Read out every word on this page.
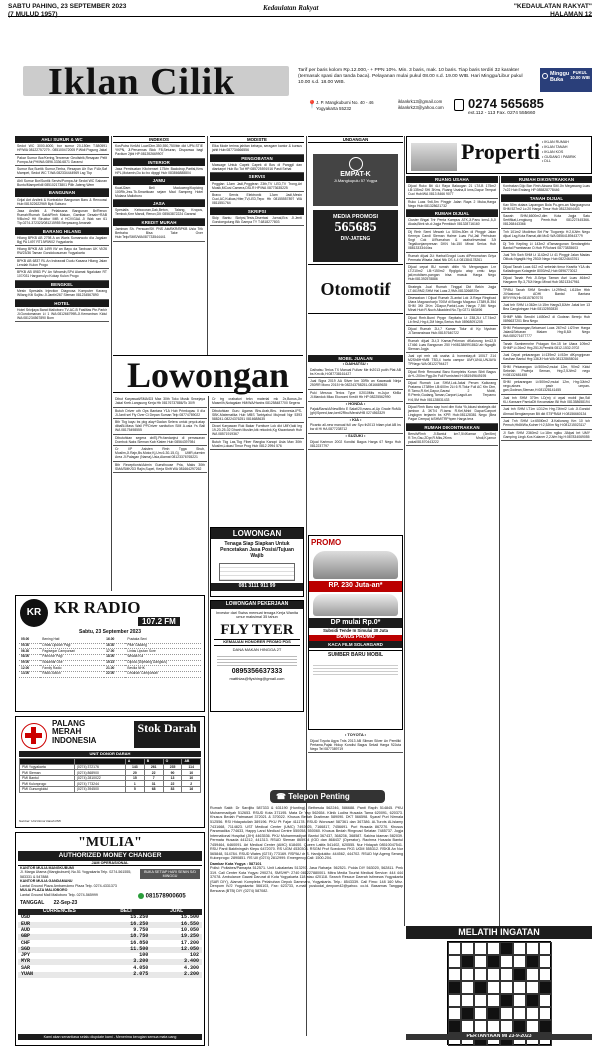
SABTU PAHING, 23 SEPTEMBER 2023
(7 MULUD 1957)
Kedaulatan Rakyat	"KEDAULATAN RAKYAT"
HALAMAN 12
Iklan Cilik	Tarif per baris kolom Rp.12.000,- + PPN 10%. Min. 3 baris, mak. 10 baris. Tiap baris terdiri 32 karakter (termasuk spasi dan tanda baca). Pelayanan mulai pukul 08.00 s.d. 19.00 WIB. Hari Minggu/Libur pukul 10.00 s.d. 18.00 WIB.
Minggu Buka
PUKUL 10.00 WIB
📍 J. P. Mangkubumi No. 40 - 46 Yogyakarta 55232
iklankrk13@gmail.com
iklankrk23@yahoo.com 0274 565685
ext.112 - 113 Fax. 0274 555660
AHLI SURUR & WC
Sedot WC 3000-6000, bor sumur 20-150m T.580591 HP/WA 08122757279 - 085100472005 P.Widi Pogung Jakal
Pakar Sumur Bor/Kering,Tercemar Geolistrik,Resapan Pelit Pompa Air,PH/WA:0896.3336.6871 Garansi
Sumur Bor,Suntik Sumur,Timba, Resapan Air Svc P.Air,Saf Mampet, Sedot WC T.WA:082334444969 Lsg Tkp
Ahli Sumur Bor/Suntik Servis/Pompa Air Sedot WC Saluran Buntu/Mampet/dll 085102173801 Pilih Jateng Wem
BANGUNAN
Grijal Ant Arsitek & Kontraktor Bangunan Baru & Renovasi Hub:081522622969 Bpk Subuno
Jasa Arsitek & Pelaksana Bangunan Br/Renov Rumah/Rumah Sakit/Rmh Makan, Gambar Desain+RAB 9/Bu/m2 Hit Struktur IMB d HCV/GAA Ji Wak ran 61 Tlp.0274-372323/081215955 Berpasang Amanah
BARANG HILANG
Hilang BPKB AB 2798 A an Waris Sumarwoto d/a Jagalan Bgj PA 1497 RT19/RW02 Yogyakarta
Hilang BPKB AB 1499 IW an Bayu da Tanbuan UK VI/26 RW23/36 Taman Gondokusuman Yogyakarta
BPKB AB 6837 RL An Indrawati Dudu Kasana Hilang Jalan Lendah Kulon Progo
BPKB AB 8983 PV An Winarsih,SPd Alamat Ngalukan RT 107/031 Hargomulyo Kokap Kulon Progo
BENGKEL
Mesin Spesialis Injection Diagnosa Komputer Karang Wilang Kiti Sojibu Jl.Jantir/267 Sleman 081234567890
HOTEL
Hotel Srivijaya Barat Malioboro TV-AC-B Fasilitas Ptn.Parkir Jl.Gondomanan Lt 1 WA:081266799B-Jl.Kemantran Kidul WA:081234567890 Bom
KR KR RADIO
107.2 FM
Sabtu, 23 September 2023
05.00	Bening Hati	16.00	Pustaka Seni
05.30	Lintas Liputan Pagi	16.30	Pitar Gadang
06.30	Pagisegar Campursari	17.00	Lintas Liputan Sore
08.00	Pamurar Pagi	18.00	Wisata Kul
09.00	Nusantar Oke	19.15	Dipola (Dipmang Dangsus)
12.00	Family Radio	21.00	Bevilia NHK
14.00	Radio Action	22.00	Lesahan Campursari
PALANG
MERAH
INDONESIA
Stok Darah
UNIT DONOR DARAH
		A	B	O	AB
PMI Yogyakarta	(0274) 372176	143	261	235	114
PMI Sleman	(0274) 868900	20	22	90	10
PMI Bantul	(0274) 2810022	15	7	13	10
PMI Kulonprogo	(0274) 773244	1	31	22	2
PMI Gunungkidul	(0274) 394500	5	68	83	16
Sumber: Unit Donor Darah PMI
"MULIA"
AUTHORIZED MONEY CHANGER
JAM OPERASIONAL
KANTOR MULIA MANGKUBUMI
Jl. Marga Utama (Mangkubumi) No.51 Yogyakarta Telp. 0274-561555, 583331 & 547888
KANTOR MULIA GANDAMANU
Lantai Ground Plaza Ambarrukmo Plaza Telp. 0274-4331373
MULIA PLAZA MALIOBORO
Lantai Ground Mall Malioboro Telp. 0274-565999
BUKA SETIAP HARI SENIN S/D MINGGU
081578900605
TANGGAL 22-Sep-23
CURRENCIES	BELI	JUAL
USD	15.250	15.500
EUR	16.250	16.550
AUD	9.750	10.050
GBP	18.750	19.250
CHF	16.850	17.200
SGD	11.500	12.050
JPY	100	102
MYR	3.200	3.400
SAR	4.050	4.300
YUAN	2.075	2.200
Kami akan senantiasa selalu diupdate kami - Menerima kerugian semua mata uang
INDEKOS
KosPutra KmMd Luar/Dim.350,550,750/bln dkt UPN.STIE YKPN, Jl.Perumnas Blok F8,Seturan, Dispanwa bagi Pavilum 2jtbl HP:081392669907
INTERIOR
Jasa Pembuatan Kitchenset 175/m Backdrop,Partisi,Kms HPL,Motamin,Du ko bo dipggl Hub 083866888804
JAMU
KuatJ2am Beli Maduceng/Kopicing 100Rb,Jrss.Tk.Smartkoan sejam Mad Sampreg Hotel Mulana Malioboro
JASA
Spesialis Kebocoran,Dak,Beton, Talang, Kropos, Tembok,Kmr Mandi, Renov,Dll: 08563872224 Garansi
KREDIT MURAH
Jaminan Sh. Persuan/SK PNS Akt/BKR/BPKB Usia Trik Berbaha Bisa Take Over Hub:Telp/SMS/WA087733544441
Lowongan
Dibut Karyawati/SMA/D3 Max 30th Toko Musik Srwejaya Jakal Kreb.Langsung Kerja Hb 08176737886/To 30/9
Butuh Driver uth Ops Bantara Y1A Hub Primkopau II d/a Jl.Janti sel Fly Over Ci Depan Suman Telp 08774789022
Bth Tkg kayu bs pkg alay+Dadan Selera untuk pnyck.atap dibaBi-Mass Wall PP.Driver sanitution SIM A.usia Ys Bali WA 08175498555
Dibutuhkan segera cb/Ej.Pb.faedanjrui di pemasaran Dombok Naks Sleman Kab Klaten Hub 08564397984
Cr I/P Asisten Rmh Tgga Shub, Muslim,Jl.Rajn,Bs.Motor,Kj.Um.6-30-15,Gj. UMR,durmim Area JI.Palagan (Nama),Usia,Alamat 08123376765221
Bth Receptionis/Admin Guesthouse Pria, Maks 30th SMA/SMK/D3 Rajin,Supel, Kerja Shift WA 081664297262
Cr trg crabaturi tekn material mk 2x,Bonus,Jln Masmilh,Notagalan HM/WA/Hanbs 081258487700 Segera
Dibutuhkan Guru Agama Bhs.Arab,Bhs. Indonesia-IPS-SBK-Matematika Hub MBS Tarbiyahul Mujmati Ngr 5393 588241-08224376251 0816688635
Dicari Karyawan Ruk Bakar Furniture Lok dkt UMY,laki leg 19-20-25-02 Dhanh Muslim,ktk rekodnk,Kg Kiwantarah Hub WA 08571919367
Butuh Tkg Las,Tkg Fiber Rangka Kanopi Usia Max 30th Muslim,Lokasi Timur Prog Hub 0812 2994 576
LOWONGAN
Tenaga Siap Siapkan Untuk Pencetakan Jasa Posisi/Tujuan Wajib
081 3111 911 99
LOWONGAN PEKERJAAN
Investor dari Swiss memuat tenaga Kerja Wanita umur maksimal 35 tahun
FLY TYER
KEMAUAN HONORER PROMO PDS
DANA MAKAN HINGGA 2T
0895356637333
matthias@flyshing@gmail.com
MODISTE
Elka Mode terima jahitan kebaya, seragam kantor & kursus jahit Hub:087734666556
PENGOBATAN
Massage Untuk Capek Capek di Bos di Panggil dan diantarpri Hub Bo Tot HP:085725591916 Pasti Sehat
SERVIS
Pngglan 1Jam Jadi,Pngglean 23th,TV LED,TV Trong,Ari Musik,MCusi Camera,DSLR HP/WA 08773635225
Bravo Servis Elektronik 1Jam Jadi,Mesin Cuci,AC,Kulkas,Hiter,TV,LED,Tepo Hb 08155557897 WA 0811551764
SKRIPSI
Skip Bantu Skripsi,Tesis,Disertasi Jurnal,Era Jl.Jenti Gondoegulung Blk Gampa TY T.6818277803
UNDANGAN
EMPAT-K
Ji.Mangkupulu 57 Yogya
MEDIA PROMOSI
565685
DIV-JATENG
Otomotif
MOBIL JUALAN
• DAIHATSU •
Daihatsu Terios TX Manual Fullvar Me th2013 putih Plat AB bs Km dk,H:087738161427
Jual Sigra 2019 AA Silver km 30Rb an Kawasaki Ninja 250RR Mono 2015 Hb 082243758251-0816689635
Puki Mesrua Terios Type X2010Mts m.Jujur KbBa JI.Manduk Mlau Ekonomi Kredit Hb HP:08225562990
• HONDA •
Pajak/Bans/A/New/Brio E Salat/20,manu-al,Up Grade RoMA (gh)/Speed,ban,kert/2Rbu/Merah/HB 0274563329
• KIA •
Picanto all-new manual full var Syo th2013 hitam plat AB bs kw di Hi HA 0877238712
• SUZUKI •
Dijual Karimun 2002 Kondisi Bagus Harga 67 Nego Hub 0812237797
PROMO
RP. 230 Juta-an*
DP mulai Rp.0*
Subsidi Tende In Simulai 30 Juta
BONUS PROMO
KACA FILM SOLARGARD
SUMBER BARU MOBIL
• TOYOTA •
Dijual Toyota Agya Trds 2013 AB Silman Silver An Pemiliki Pertama,Pajak Hidup Kondisi Bagus Sekali Harga 92Juta Nego Tel 0877389719
☎ Telepon Penting
Rumah Sakit: Dr Sardjito 587333 & 631190 (Hunting). Bethesda 562246, 586688. Panti Rapih 514845. PKU Muhammadiyah 512653. RSUD Kota 371195. Mata Dr Yap 562654. Klinik Ludira Husada Tama 620091, 620373. Khusus Bedah Patmasari 372021 & 370022. Khusus Bedah Dustiman 589090. DKT 566598. Syaraf Puri Nirmala 512556. RSI Hidayatullah 389196. PKU Pt Fajar 411178. RSUD Wonosari 587361 dan 367386. Al-Turots Al-Islamy 7431668, 7114823. UST Medical Center (UMC) 7492025, 7166817, 7456691. Puri Husada 867270. Khusus Paramadika 774633, Happy Land Medical Centre 550058, 550060. Khusus Bedah Ringroad Selatan 7485737. Jogja International Hospital (JIH) 4463536. PKU Muhammadiyah Bantul 367437, 368236, 368587. Sakina Idaman 582039. Permata Husada 441212, 441313. RSUD Sleman 865934 (IGD dan 868437 (Operator). Rachma Husada Bantul 7459464, 6460091. Ari Medical Center (AMC) 618400. Queen Latifa 541402, 620555. Nur Hidayah 08510047541. RSU Panti Baktiningsih Klepu 6472070. RS UGM 4530303. RSGM Prof Soedomo FKG UGM 555312. RSKB An Nur 565848, 514784. RSUD Wates (0274) 773169. RSPAU dr S. Hardjolukito: 444562, 444702. RSUD Nyi Ageng Serang Kulonprogo: 2890851. RS UII (0274) 2812999. Emergency Call: 1500-204.
Damkar Kota Yogya : 587101
Polisi: Poltabes/Pamapta 512571. Unit Lakalantas 513297. Jasa Raharja: 562521. Polda DIY 563020, 562811. Pmk 319. Call Center Kota Yogya: 290274, SMS/HP: 2740 081227880001. Mitra Media Tourist Medical Service: 444 444 37078. Ambulance Gawat Darurat di Kota Yogyakarta 118 atau 420118. Search Rescue Daerah Istimewa Yogyakarta (SAR DIY), Alamat: Kompleks Pelabuhan Depok Dammaru, Yogyakarta. Telp.: 8543339. Call Fimo: 148 160 Mhz. Denpom IV/2 Yogyakarta: 566103, Fax: 623733, e-mail: puskodal_denpom42@yahoo. co.id. Basarnas Tanggap Bencana (BTB) DIY (0274) 587082.
Properti • IKLAN RUMAH
• IKLAN TANAH
• IKLAN KOS
• GUDANG / PABRIK
• DLL
RUANG USAHA
Dijual Ruko Bti 4Lt Raya Balaugan 21 LT/LB 175m2 LB:135m2 SHI 3Kms, Ruang Usaha,8 kms,Dapur Tempat Cuci Hub/WA 0813 8466 9077
Ruko Luas 9x6,5m Pinggir Jalan Raya 2 Muka,Harga Nego Hub:081328621732
RUMAH DIJUAL
Cluster Bhgai Trtr Penta Kampus ATK,Jl.Panu kms1,5,Jl Akala,Bbrk sb-d:Jogja Pemkkuh 081328716160
Dij Rmh Semi Mewah Lu 500m-50m di Pinggir Jalan Kemrya Candi Sleman Halme Luas Ful,Jali Perhuban Sngt Cok U/Rumahan & usaha/investasi 3Jt Tegalkonjampresan DKN No.150 Minat Serius Hub 08813333444ss
Rumah dijual 2Lt Harba/Grogol Luas dlPerumahan Griya Permata Wisata Jakal Ntk DS 4-4 081384178261
Dijual cepat BU rumah dblin Yk Mergangsan Lnr LT:210m2 LB:+150m2 Rpglgdu atap cmtu kayu jati,motdisen-pangan bisa masuk Harga Nego Hub:081392578886
Strategis Jual Rumah Tinggal Dkt Bekin Jogja LT.4619M2,SHM Hal Luas 2,9Mr-0813266B70n
Disewakan / Dijual Rumah 2Lantai Lok Jl.Raya Ringfoad Utara Maguwoharjo 700M di Bangjo Maguwo LT389,B.354 SHM 3Kt 2Km 2Dapur,Parkir,Luas Harga 7,5M Nego Minat Hub R.Nuch Alkadded No.Tlp 0271 663496
Dijual Rmh.Bumi Prpgn Sepitaha Lt 238,2Lt LT.74m2 Lb:9m2,Hrg:4,2M Nego,Serius Hub 08968091205
Dijual Rumah 2Lt,7 Kamar Tidur di Kp Nyutran Jl.Tamansiswa Hub.08157640722
Rumah dijual 2Lt,3 Kamar,Pekrnan dKalurung km12,5 LT466 Luas Bangunan 250 Hr081386991862/-ab Ngaglik Sleman Jogja
Jual cpt rmh utk usaha & homestay,dt 100LT 214 M2Sh8H+IMB TB3,4 harta campur UMY,UNU,UNJAYA TPNego WA 08122794427
Dijual Rmh Renovasi Baru Kompleks Koran Sihti Bagus Ar+L:200m Pgg:Jln Full Furnished H:081949649195
Dijual Rumah Lux SHM,Lok.Jakal Perum Kaliurang Pratama LT389m LB:600m 2Lt 6 R.Tidur Full AC Ktn Dim, R.Tamu,R.Kel,Dapur,Garasi 2 Mobil, R.Pemb,Gudang,Taman,Carport,Laguit-an Terpamo H:6,5M Hub 081128831433
Dijual Rmh Baru siap huni dlm Kota Yk,lokasi strategis dkt jambon & 3KT/4 R.tamu R.Kel,Mnbl Dapur/Carport Lingkgnn terjamin bs KPR Hub:081128381 Nego (Bea Pagar Cempa) kiSHM/TRPhpen Harga tera
RUMAH DIKONTRAKKAN
Bersih/Rmh Jl.Bantul km7,5/4Kamar (3m/6m) R.Tm,Gsu,2Dpr,R.Mks,2Kms Mndi,K.jamur pakai081570443222
RUMAH DIKONTRAKKAN
Kontrakan Dijo Bcn Rmh Aksara Sitil Jln Megawang Luas 7x22 Hub Endang HP:085828778446
TANAH DIJUAL
Kav 50m dutara Lapangan Bola Pu-gen-an Margoagruna SHM 527m2 Lc:20 Harga Timur Hub 08122604403
Sawah SHM,6600m2,dlm Kota Jogja Satu Sertifikat,Lengkung Pemb.Hub 081227445366-081268443366
Tnh 101m2 Modiriwn Brt Par Tlogorejo H:2,6Jt/m Nego dijual Lsg,Kota Ramai,dkt McD WA 08564189443779
Dj Tnh Kepling Lt 143m2 dTamangunan Sendangtirto Bantal Prambanan O.Hub P.Ruhani 08773835603
Jual Trih Swh SHM Lt 1142m2 Lt 41 Pinggir Jalan Madas Olikulu Ngaglik Hrg 250Jt Nego Hub 08224643761
Dijual Tanah Luas 612 m2 sebelah timur Kearifa Y1A dis Kaliadingan Kotagede 8000/m2,Hub 0896773012
Dijual Tanah Pek Jl.Griya Taman Asri Luas 464m2 Harganm Rp.3,75Jt Nego Minat Hub 08213347961
TP/BU Tanah SHM Sendirn Lt:299m2, Lt115m Hbb Jl.Nasional ADHI Bantal Bantara BRYIYW,Hb:08157807070
Jual tnh SHM Lt:362m Lt:15m Hargs3,8Jt/m Jakal km 13 Bea Cangkringan Hub 08132592830
SHMP Milik Sendiri Lt450m2 di Godean Berejo Hub 0896637201 Bea Nego
SHM Pekarangan,Sekarsari Luas 267m2 Lt27nm Harga Jalan&Sekaran Malam Hrg:8,8Jt Nego WA:085271677777
Tanah Sambernnhe Polagan Km.15 ke Utara 109m2 SHMP Lt:26m2 Hrg.251Jt,Pemilik 0812-1532-0702
Jual Cepat pekarangan Lt:139m2 Lt:52m dlKpngrjpnan Kasihan Bantul Hrg:136Jt Hub WA 081328658016
SHM Pekarangan Lt:500m2,mulai 12m, 90m2 Kidul Sebelah Prwhrja Seman, Hrg:2,5Jt/m2 nego H:08132681455
SHM pekarangan Lt:500m2,mulai 12m, Hrg:3Jt/m2 nego,akses pasir umpan-gan,Godean,Sleman,H:081328141455
Jual tnh SHM 370m LD(m) d wpaI mobil jlsn,Sdl KLi.Kansare PamiaDlt Kecamatan Bil Hub 081358658194
Jual tnh SHM LT1m LD12m Hrg.7Jt/m/2 Lok Jl.Gondol Ahmad Benglampran Blt dkt STIPRAM H:08156660134
Jual Tnh SHM Lx:650l0m2 Jl.Kaliurang Km 10 tch Pemuh,Hb8t/Wa,Kulner H:2,5Jt/m Ng H:081215023117
Jl Swh SHM 2360m2 Lc:18m nglku JlAlpal brt UMY Gamping Lingk.Kos Kulaner 2,2Jt/m Ng H:087834069055
MELATIH INGATAN
PERTANYAAN MI 23-9-2023
